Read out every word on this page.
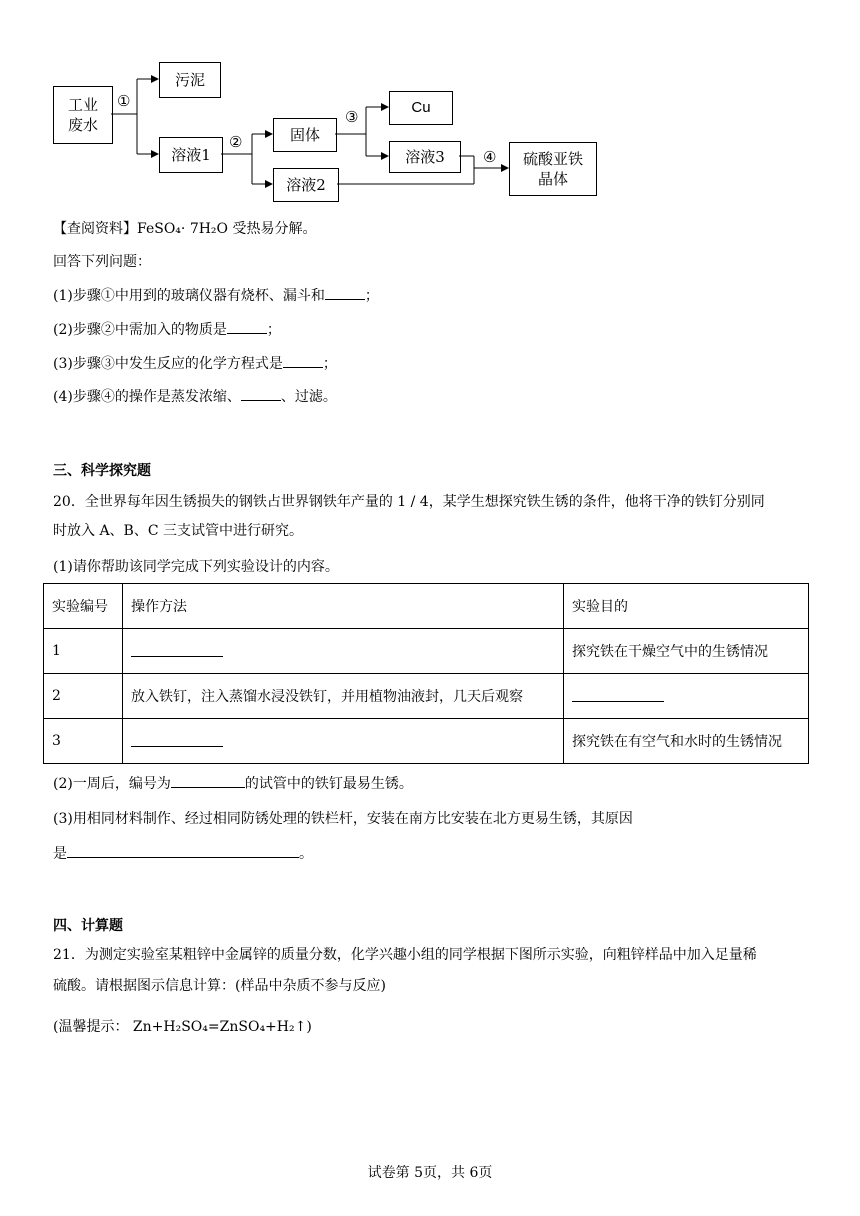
工业
废水
污泥
溶液1
固体
Cu
溶液3
溶液2
硫酸亚铁
晶体
①
②
③
④
【查阅资料】FeSO₄· 7H₂O 受热易分解。
回答下列问题：
(1)步骤①中用到的玻璃仪器有烧杯、漏斗和	；
(2)步骤②中需加入的物质是	；
(3)步骤③中发生反应的化学方程式是	；
(4)步骤④的操作是蒸发浓缩、	、过滤。
三、科学探究题
20．全世界每年因生锈损失的钢铁占世界钢铁年产量的 1 / 4，某学生想探究铁生锈的条件，他将干净的铁钉分别同
时放入 A、B、C 三支试管中进行研究。
(1)请你帮助该同学完成下列实验设计的内容。
实验编号	操作方法	实验目的
1		探究铁在干燥空气中的生锈情况
2	放入铁钉，注入蒸馏水浸没铁钉，并用植物油液封，几天后观察	
3		探究铁在有空气和水时的生锈情况
(2)一周后，编号为	的试管中的铁钉最易生锈。
(3)用相同材料制作、经过相同防锈处理的铁栏杆，安装在南方比安装在北方更易生锈，其原因
是	。
四、计算题
21．为测定实验室某粗锌中金属锌的质量分数，化学兴趣小组的同学根据下图所示实验，向粗锌样品中加入足量稀
硫酸。请根据图示信息计算：(样品中杂质不参与反应)
(温馨提示： Zn+H₂SO₄=ZnSO₄+H₂↑)
试卷第 5页，共 6页
